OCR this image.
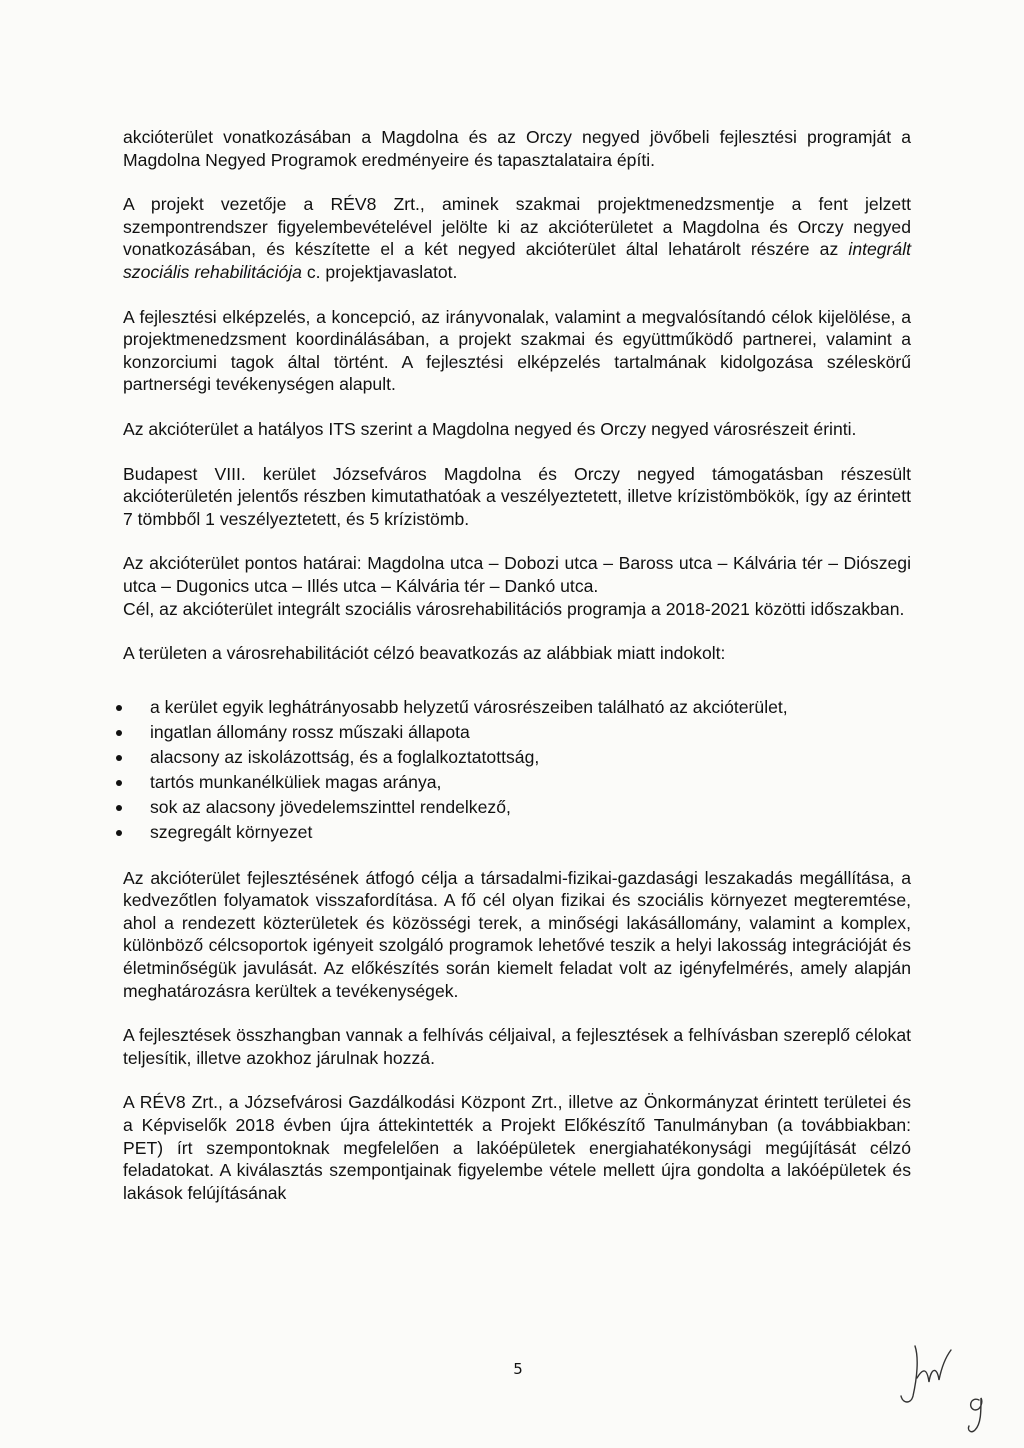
akcióterület vonatkozásában a Magdolna és az Orczy negyed jövőbeli fejlesztési programját a Magdolna Negyed Programok eredményeire és tapasztalataira építi.

A projekt vezetője a RÉV8 Zrt., aminek szakmai projektmenedzsmentje a fent jelzett szempontrendszer figyelembevételével jelölte ki az akcióterületet a Magdolna és Orczy negyed vonatkozásában, és készítette el a két negyed akcióterület által lehatárolt részére az integrált szociális rehabilitációja c. projektjavaslatot.

A fejlesztési elképzelés, a koncepció, az irányvonalak, valamint a megvalósítandó célok kijelölése, a projektmenedzsment koordinálásában, a projekt szakmai és együttműködő partnerei, valamint a konzorciumi tagok által történt. A fejlesztési elképzelés tartalmának kidolgozása széleskörű partnerségi tevékenységen alapult.

Az akcióterület a hatályos ITS szerint a Magdolna negyed és Orczy negyed városrészeit érinti.

Budapest VIII. kerület Józsefváros Magdolna és Orczy negyed támogatásban részesült akcióterületén jelentős részben kimutathatóak a veszélyeztetett, illetve krízistömbökök, így az érintett 7 tömbből 1 veszélyeztetett, és 5 krízistömb.

Az akcióterület pontos határai: Magdolna utca – Dobozi utca – Baross utca – Kálvária tér – Diószegi utca – Dugonics utca – Illés utca – Kálvária tér – Dankó utca.

Cél, az akcióterület integrált szociális városrehabilitációs programja a 2018-2021 közötti időszakban.

A területen a városrehabilitációt célzó beavatkozás az alábbiak miatt indokolt:

a kerület egyik leghátrányosabb helyzetű városrészeiben található az akcióterület,
ingatlan állomány rossz műszaki állapota
alacsony az iskolázottság, és a foglalkoztatottság,
tartós munkanélküliek magas aránya,
sok az alacsony jövedelemszinttel rendelkező,
szegregált környezet

Az akcióterület fejlesztésének átfogó célja a társadalmi-fizikai-gazdasági leszakadás megállítása, a kedvezőtlen folyamatok visszafordítása. A fő cél olyan fizikai és szociális környezet megteremtése, ahol a rendezett közterületek és közösségi terek, a minőségi lakásállomány, valamint a komplex, különböző célcsoportok igényeit szolgáló programok lehetővé teszik a helyi lakosság integrációját és életminőségük javulását. Az előkészítés során kiemelt feladat volt az igényfelmérés, amely alapján meghatározásra kerültek a tevékenységek.

A fejlesztések összhangban vannak a felhívás céljaival, a fejlesztések a felhívásban szereplő célokat teljesítik, illetve azokhoz járulnak hozzá.

A RÉV8 Zrt., a Józsefvárosi Gazdálkodási Központ Zrt., illetve az Önkormányzat érintett területei és a Képviselők 2018 évben újra áttekintették a Projekt Előkészítő Tanulmányban (a továbbiakban: PET) írt szempontoknak megfelelően a lakóépületek energiahatékonysági megújítását célzó feladatokat. A kiválasztás szempontjainak figyelembe vétele mellett újra gondolta a lakóépületek és lakások felújításának

5
